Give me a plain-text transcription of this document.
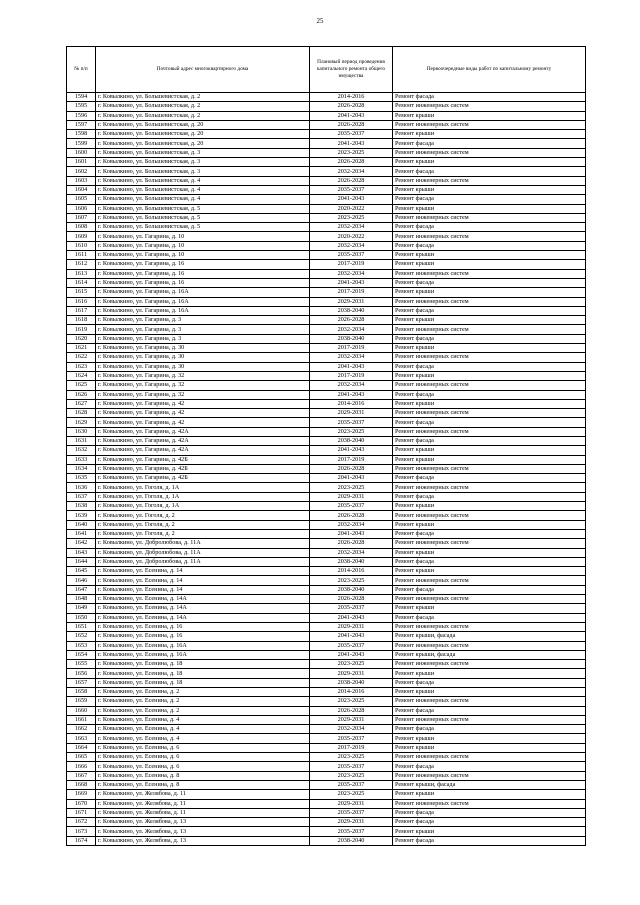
25
№ п/п	Почтовый адрес многоквартирного дома	Плановый период проведения капитального ремонта общего имущества	Первоочередные виды работ по капитальному ремонту
1594	г. Ковылкино, ул. Большевистская, д. 2	2014-2016	Ремонт фасада
1595	г. Ковылкино, ул. Большевистская, д. 2	2026-2028	Ремонт инженерных систем
1596	г. Ковылкино, ул. Большевистская, д. 2	2041-2043	Ремонт крыши
1597	г. Ковылкино, ул. Большевистская, д. 20	2026-2028	Ремонт инженерных систем
1598	г. Ковылкино, ул. Большевистская, д. 20	2035-2037	Ремонт крыши
1599	г. Ковылкино, ул. Большевистская, д. 20	2041-2043	Ремонт фасада
1600	г. Ковылкино, ул. Большевистская, д. 3	2023-2025	Ремонт инженерных систем
1601	г. Ковылкино, ул. Большевистская, д. 3	2026-2028	Ремонт крыши
1602	г. Ковылкино, ул. Большевистская, д. 3	2032-2034	Ремонт фасада
1603	г. Ковылкино, ул. Большевистская, д. 4	2026-2028	Ремонт инженерных систем
1604	г. Ковылкино, ул. Большевистская, д. 4	2035-2037	Ремонт крыши
1605	г. Ковылкино, ул. Большевистская, д. 4	2041-2043	Ремонт фасада
1606	г. Ковылкино, ул. Большевистская, д. 5	2020-2022	Ремонт крыши
1607	г. Ковылкино, ул. Большевистская, д. 5	2023-2025	Ремонт инженерных систем
1608	г. Ковылкино, ул. Большевистская, д. 5	2032-2034	Ремонт фасада
1609	г. Ковылкино, ул. Гагарина, д. 10	2020-2022	Ремонт инженерных систем
1610	г. Ковылкино, ул. Гагарина, д. 10	2032-2034	Ремонт фасада
1611	г. Ковылкино, ул. Гагарина, д. 10	2035-2037	Ремонт крыши
1612	г. Ковылкино, ул. Гагарина, д. 16	2017-2019	Ремонт крыши
1613	г. Ковылкино, ул. Гагарина, д. 16	2032-2034	Ремонт инженерных систем
1614	г. Ковылкино, ул. Гагарина, д. 16	2041-2043	Ремонт фасада
1615	г. Ковылкино, ул. Гагарина, д. 16А	2017-2019	Ремонт крыши
1616	г. Ковылкино, ул. Гагарина, д. 16А	2029-2031	Ремонт инженерных систем
1617	г. Ковылкино, ул. Гагарина, д. 16А	2038-2040	Ремонт фасада
1618	г. Ковылкино, ул. Гагарина, д. 3	2026-2028	Ремонт крыши
1619	г. Ковылкино, ул. Гагарина, д. 3	2032-2034	Ремонт инженерных систем
1620	г. Ковылкино, ул. Гагарина, д. 3	2038-2040	Ремонт фасада
1621	г. Ковылкино, ул. Гагарина, д. 30	2017-2019	Ремонт крыши
1622	г. Ковылкино, ул. Гагарина, д. 30	2032-2034	Ремонт инженерных систем
1623	г. Ковылкино, ул. Гагарина, д. 30	2041-2043	Ремонт фасада
1624	г. Ковылкино, ул. Гагарина, д. 32	2017-2019	Ремонт крыши
1625	г. Ковылкино, ул. Гагарина, д. 32	2032-2034	Ремонт инженерных систем
1626	г. Ковылкино, ул. Гагарина, д. 32	2041-2043	Ремонт фасада
1627	г. Ковылкино, ул. Гагарина, д. 42	2014-2016	Ремонт крыши
1628	г. Ковылкино, ул. Гагарина, д. 42	2029-2031	Ремонт инженерных систем
1629	г. Ковылкино, ул. Гагарина, д. 42	2035-2037	Ремонт фасада
1630	г. Ковылкино, ул. Гагарина, д. 42А	2023-2025	Ремонт инженерных систем
1631	г. Ковылкино, ул. Гагарина, д. 42А	2038-2040	Ремонт фасада
1632	г. Ковылкино, ул. Гагарина, д. 42А	2041-2043	Ремонт крыши
1633	г. Ковылкино, ул. Гагарина, д. 42Б	2017-2019	Ремонт крыши
1634	г. Ковылкино, ул. Гагарина, д. 42Б	2026-2028	Ремонт инженерных систем
1635	г. Ковылкино, ул. Гагарина, д. 42Б	2041-2043	Ремонт фасада
1636	г. Ковылкино, ул. Гоголя, д. 1А	2023-2025	Ремонт инженерных систем
1637	г. Ковылкино, ул. Гоголя, д. 1А	2029-2031	Ремонт фасада
1638	г. Ковылкино, ул. Гоголя, д. 1А	2035-2037	Ремонт крыши
1639	г. Ковылкино, ул. Гоголя, д. 2	2026-2028	Ремонт инженерных систем
1640	г. Ковылкино, ул. Гоголя, д. 2	2032-2034	Ремонт крыши
1641	г. Ковылкино, ул. Гоголя, д. 2	2041-2043	Ремонт фасада
1642	г. Ковылкино, ул. Добролюбова, д. 11А	2026-2028	Ремонт инженерных систем
1643	г. Ковылкино, ул. Добролюбова, д. 11А	2032-2034	Ремонт крыши
1644	г. Ковылкино, ул. Добролюбова, д. 11А	2038-2040	Ремонт фасада
1645	г. Ковылкино, ул. Есенина, д. 14	2014-2016	Ремонт крыши
1646	г. Ковылкино, ул. Есенина, д. 14	2023-2025	Ремонт инженерных систем
1647	г. Ковылкино, ул. Есенина, д. 14	2038-2040	Ремонт фасада
1648	г. Ковылкино, ул. Есенина, д. 14А	2026-2028	Ремонт инженерных систем
1649	г. Ковылкино, ул. Есенина, д. 14А	2035-2037	Ремонт крыши
1650	г. Ковылкино, ул. Есенина, д. 14А	2041-2043	Ремонт фасада
1651	г. Ковылкино, ул. Есенина, д. 16	2029-2031	Ремонт инженерных систем
1652	г. Ковылкино, ул. Есенина, д. 16	2041-2043	Ремонт крыши, фасада
1653	г. Ковылкино, ул. Есенина, д. 16А	2035-2037	Ремонт инженерных систем
1654	г. Ковылкино, ул. Есенина, д. 16А	2041-2043	Ремонт крыши, фасада
1655	г. Ковылкино, ул. Есенина, д. 18	2023-2025	Ремонт инженерных систем
1656	г. Ковылкино, ул. Есенина, д. 18	2029-2031	Ремонт крыши
1657	г. Ковылкино, ул. Есенина, д. 18	2038-2040	Ремонт фасада
1658	г. Ковылкино, ул. Есенина, д. 2	2014-2016	Ремонт крыши
1659	г. Ковылкино, ул. Есенина, д. 2	2023-2025	Ремонт инженерных систем
1660	г. Ковылкино, ул. Есенина, д. 2	2026-2028	Ремонт фасада
1661	г. Ковылкино, ул. Есенина, д. 4	2029-2031	Ремонт инженерных систем
1662	г. Ковылкино, ул. Есенина, д. 4	2032-2034	Ремонт фасада
1663	г. Ковылкино, ул. Есенина, д. 4	2035-2037	Ремонт крыши
1664	г. Ковылкино, ул. Есенина, д. 6	2017-2019	Ремонт крыши
1665	г. Ковылкино, ул. Есенина, д. 6	2023-2025	Ремонт инженерных систем
1666	г. Ковылкино, ул. Есенина, д. 6	2035-2037	Ремонт фасада
1667	г. Ковылкино, ул. Есенина, д. 8	2023-2025	Ремонт инженерных систем
1668	г. Ковылкино, ул. Есенина, д. 8	2035-2037	Ремонт крыши, фасада
1669	г. Ковылкино, ул. Желябова, д. 11	2023-2025	Ремонт крыши
1670	г. Ковылкино, ул. Желябова, д. 11	2029-2031	Ремонт инженерных систем
1671	г. Ковылкино, ул. Желябова, д. 11	2035-2037	Ремонт фасада
1672	г. Ковылкино, ул. Желябова, д. 13	2029-2031	Ремонт фасада
1673	г. Ковылкино, ул. Желябова, д. 13	2035-2037	Ремонт крыши
1674	г. Ковылкино, ул. Желябова, д. 13	2038-2040	Ремонт фасада
